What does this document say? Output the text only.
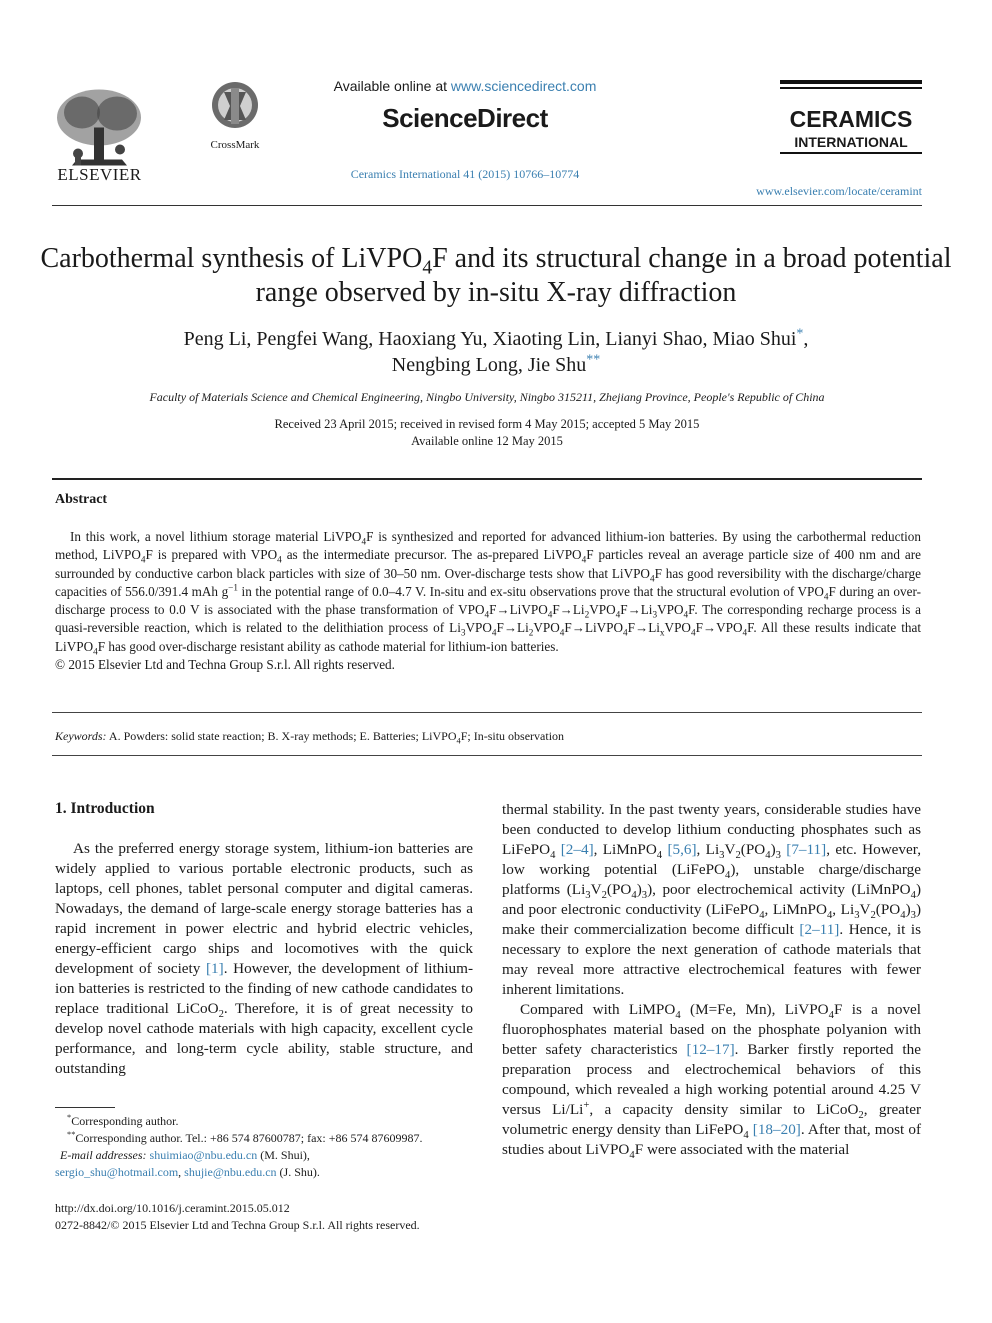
ELSEVIER
CrossMark
Available online at www.sciencedirect.com
ScienceDirect
Ceramics International 41 (2015) 10766–10774
CERAMICS
INTERNATIONAL
www.elsevier.com/locate/ceramint
Carbothermal synthesis of LiVPO$_4$F and its structural change in a broad potential range observed by in-situ X-ray diffraction
Peng Li, Pengfei Wang, Haoxiang Yu, Xiaoting Lin, Lianyi Shao, Miao Shui*,
Nengbing Long, Jie Shu**
Faculty of Materials Science and Chemical Engineering, Ningbo University, Ningbo 315211, Zhejiang Province, People's Republic of China
Received 23 April 2015; received in revised form 4 May 2015; accepted 5 May 2015
Available online 12 May 2015
Abstract

In this work, a novel lithium storage material LiVPO$_4$F is synthesized and reported for advanced lithium-ion batteries. By using the carbothermal reduction method, LiVPO$_4$F is prepared with $VPO_4$ as the intermediate precursor. The as-prepared LiVPO$_4$F particles reveal an average particle size of 400 nm and are surrounded by conductive carbon black particles with size of 30–50 nm. Over-discharge tests show that LiVPO$_4$F has good reversibility with the discharge/charge capacities of 556.0/391.4 mAh $g^{-1}$ in the potential range of 0.0–4.7 V. In-situ and ex-situ observations prove that the structural evolution of $VPO_4F$ during an over-discharge process to 0.0 V is associated with the phase transformation of $VPO_4F\to LiVPO_4F\to Li_2VPO_4F\to Li_3VPO_4F$. The corresponding recharge process is a quasi-reversible reaction, which is related to the delithiation process of $Li_3VPO_4F\to Li_2VPO_4F\to LiVPO_4F\to Li_xVPO_4F\to VPO_4F$. All these results indicate that LiVPO$_4$F has good over-discharge resistant ability as cathode material for lithium-ion batteries.

© 2015 Elsevier Ltd and Techna Group S.r.l. All rights reserved.

Keywords: A. Powders: solid state reaction; B. X-ray methods; E. Batteries; LiVPO$_4$F; In-situ observation
1. Introduction

As the preferred energy storage system, lithium-ion batteries are widely applied to various portable electronic products, such as laptops, cell phones, tablet personal computer and digital cameras. Nowadays, the demand of large-scale energy storage batteries has a rapid increment in power electric and hybrid electric vehicles, energy-efficient cargo ships and locomotives with the quick development of society [1]. However, the development of lithium-ion batteries is restricted to the finding of new cathode candidates to replace traditional LiCoO$_2$. Therefore, it is of great necessity to develop novel cathode materials with high capacity, excellent cycle performance, and long-term cycle ability, stable structure, and outstanding

thermal stability. In the past twenty years, considerable studies have been conducted to develop lithium conducting phosphates such as LiFePO$_4$ [2–4], LiMnPO$_4$ [5,6], $Li_3V_2(PO_4)_3$ [7–11], etc. However, low working potential (LiFePO$_4$), unstable charge/discharge platforms $(Li_3V_2(PO_4)_3)$, poor electrochemical activity (LiMnPO$_4$) and poor electronic conductivity (LiFePO$_4$, LiMnPO$_4$, $Li_3V_2(PO_4)_3$) make their commercialization become difficult [2–11]. Hence, it is necessary to explore the next generation of cathode materials that may reveal more attractive electrochemical features with fewer inherent limitations.

Compared with LiMPO$_4$ (M=Fe, Mn), LiVPO$_4$F is a novel fluorophosphates material based on the phosphate polyanion with better safety characteristics [12–17]. Barker firstly reported the preparation process and electrochemical behaviors of this compound, which revealed a high working potential around 4.25 V versus Li/Li+, a capacity density similar to LiCoO$_2$, greater volumetric energy density than LiFePO$_4$ [18–20]. After that, most of studies about LiVPO$_4$F were associated with the material

*Corresponding author.
**Corresponding author. Tel.: +86 574 87600787; fax: +86 574 87609987.
E-mail addresses: shuimiao@nbu.edu.cn (M. Shui),
sergio_shu@hotmail.com, shujie@nbu.edu.cn (J. Shu).
http://dx.doi.org/10.1016/j.ceramint.2015.05.012
0272-8842/© 2015 Elsevier Ltd and Techna Group S.r.l. All rights reserved.
